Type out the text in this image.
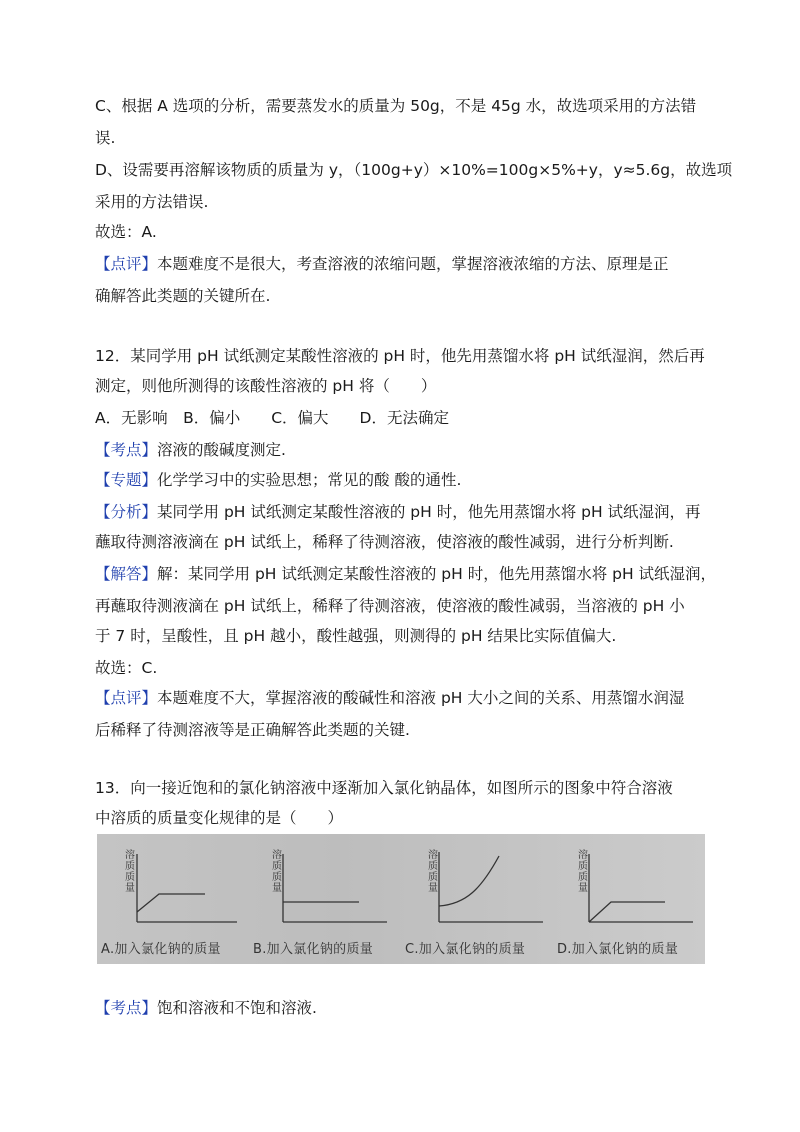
C、根据 A 选项的分析，需要蒸发水的质量为 50g，不是 45g 水，故选项采用的方法错
误.
D、设需要再溶解该物质的质量为 y，（100g+y）×10%=100g×5%+y，y≈5.6g，故选项
采用的方法错误.
故选：A.
【点评】本题难度不是很大，考查溶液的浓缩问题，掌握溶液浓缩的方法、原理是正
确解答此类题的关键所在.
12．某同学用 pH 试纸测定某酸性溶液的 pH 时，他先用蒸馏水将 pH 试纸湿润，然后再
测定，则他所测得的该酸性溶液的 pH 将（　　）
A．无影响　B．偏小　　C．偏大　　D．无法确定
【考点】溶液的酸碱度测定.
【专题】化学学习中的实验思想；常见的酸 酸的通性.
【分析】某同学用 pH 试纸测定某酸性溶液的 pH 时，他先用蒸馏水将 pH 试纸湿润，再
蘸取待测溶液滴在 pH 试纸上，稀释了待测溶液，使溶液的酸性减弱，进行分析判断.
【解答】解：某同学用 pH 试纸测定某酸性溶液的 pH 时，他先用蒸馏水将 pH 试纸湿润，
再蘸取待测液滴在 pH 试纸上，稀释了待测溶液，使溶液的酸性减弱，当溶液的 pH 小
于 7 时，呈酸性，且 pH 越小，酸性越强，则测得的 pH 结果比实际值偏大.
故选：C.
【点评】本题难度不大，掌握溶液的酸碱性和溶液 pH 大小之间的关系、用蒸馏水润湿
后稀释了待测溶液等是正确解答此类题的关键.
13．向一接近饱和的氯化钠溶液中逐渐加入氯化钠晶体，如图所示的图象中符合溶液
中溶质的质量变化规律的是（　　）
溶
质
质
量
A.加入氯化钠的质量
溶
质
质
量
B.加入氯化钠的质量
溶
质
质
量
C.加入氯化钠的质量
溶
质
质
量
D.加入氯化钠的质量
【考点】饱和溶液和不饱和溶液.
